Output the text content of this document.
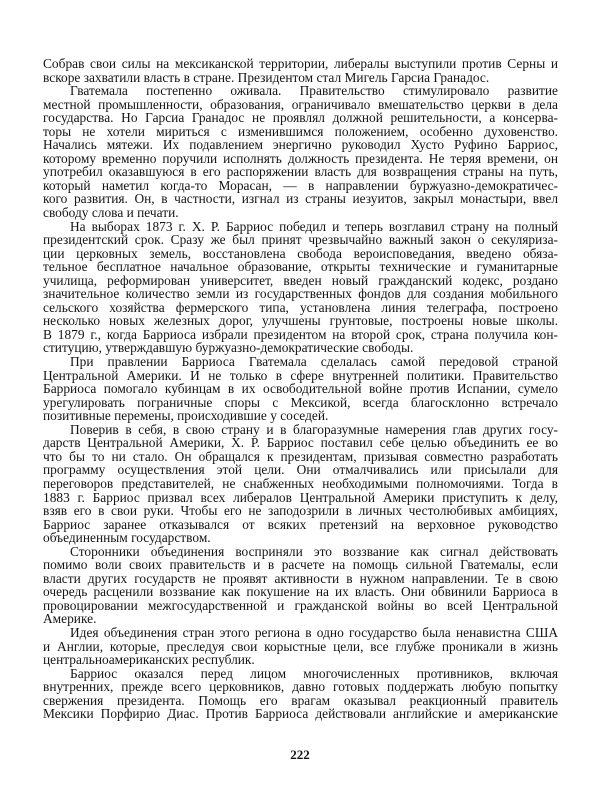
Собрав свои силы на мексиканской территории, либералы выступили против Серны и
вскоре захватили власть в стране. Президентом стал Мигель Гарсиа Гранадос.
Гватемала постепенно оживала. Правительство стимулировало развитие
местной промышленности, образования, ограничивало вмешательство церкви в дела
государства. Но Гарсиа Гранадос не проявлял должной решительности, а консерва-
торы не хотели мириться с изменившимся положением, особенно духовенство.
Начались мятежи. Их подавлением энергично руководил Хусто Руфино Барриос,
которому временно поручили исполнять должность президента. Не теряя времени, он
употребил оказавшуюся в его распоряжении власть для возвращения страны на путь,
который наметил когда-то Морасан, — в направлении буржуазно-демократичес-
кого развития. Он, в частности, изгнал из страны иезуитов, закрыл монастыри, ввел
свободу слова и печати.
На выборах 1873 г. Х. Р. Барриос победил и теперь возглавил страну на полный
президентский срок. Сразу же был принят чрезвычайно важный закон о секуляриза-
ции церковных земель, восстановлена свобода вероисповедания, введено обяза-
тельное бесплатное начальное образование, открыты технические и гуманитарные
училища, реформирован университет, введен новый гражданский кодекс, роздано
значительное количество земли из государственных фондов для создания мобильного
сельского хозяйства фермерского типа, установлена линия телеграфа, построено
несколько новых железных дорог, улучшены грунтовые, построены новые школы.
В 1879 г., когда Барриоса избрали президентом на второй срок, страна получила кон-
ституцию, утверждавшую буржуазно-демократические свободы.
При правлении Барриоса Гватемала сделалась самой передовой страной
Центральной Америки. И не только в сфере внутренней политики. Правительство
Барриоса помогало кубинцам в их освободительной войне против Испании, сумело
урегулировать пограничные споры с Мексикой, всегда благосклонно встречало
позитивные перемены, происходившие у соседей.
Поверив в себя, в свою страну и в благоразумные намерения глав других госу-
дарств Центральной Америки, Х. Р. Барриос поставил себе целью объединить ее во
что бы то ни стало. Он обращался к президентам, призывая совместно разработать
программу осуществления этой цели. Они отмалчивались или присылали для
переговоров представителей, не снабженных необходимыми полномочиями. Тогда в
1883 г. Барриос призвал всех либералов Центральной Америки приступить к делу,
взяв его в свои руки. Чтобы его не заподозрили в личных честолюбивых амбициях,
Барриос заранее отказывался от всяких претензий на верховное руководство
объединенным государством.
Сторонники объединения восприняли это воззвание как сигнал действовать
помимо воли своих правительств и в расчете на помощь сильной Гватемалы, если
власти других государств не проявят активности в нужном направлении. Те в свою
очередь расценили воззвание как покушение на их власть. Они обвинили Барриоса в
провоцировании межгосударственной и гражданской войны во всей Центральной
Америке.
Идея объединения стран этого региона в одно государство была ненавистна США
и Англии, которые, преследуя свои корыстные цели, все глубже проникали в жизнь
центральноамериканских республик.
Барриос оказался перед лицом многочисленных противников, включая
внутренних, прежде всего церковников, давно готовых поддержать любую попытку
свержения президента. Помощь его врагам оказывал реакционный правитель
Мексики Порфирио Диас. Против Барриоса действовали английские и американские
222
